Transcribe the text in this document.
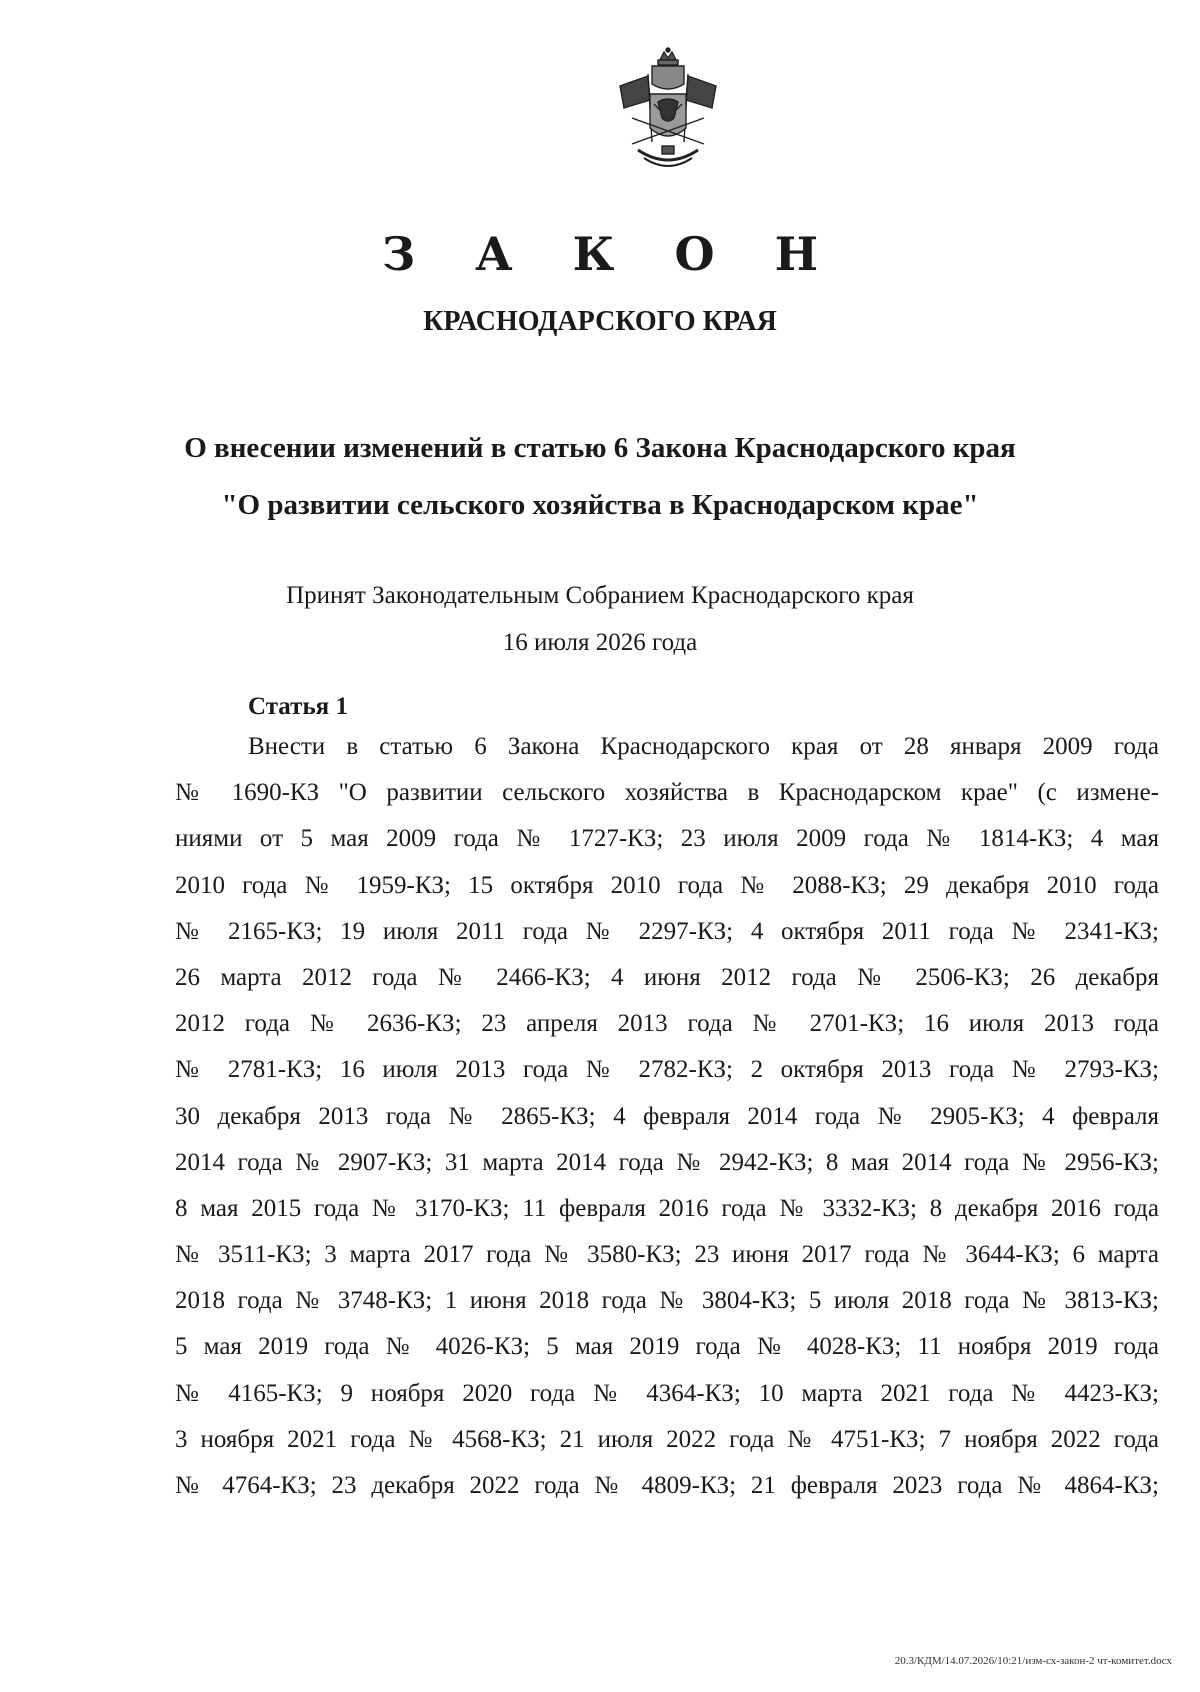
З А К О Н
КРАСНОДАРСКОГО КРАЯ
О внесении изменений в статью 6 Закона Краснодарского края
"О развитии сельского хозяйства в Краснодарском крае"
Принят Законодательным Собранием Краснодарского края
16 июля 2026 года
Статья 1
Внести в статью 6 Закона Краснодарского края от 28 января 2009 года
№ 1690-КЗ "О развитии сельского хозяйства в Краснодарском крае" (с измене-
ниями от 5 мая 2009 года № 1727-КЗ; 23 июля 2009 года № 1814-КЗ; 4 мая
2010 года № 1959-КЗ; 15 октября 2010 года № 2088-КЗ; 29 декабря 2010 года
№ 2165-КЗ; 19 июля 2011 года № 2297-КЗ; 4 октября 2011 года № 2341-КЗ;
26 марта 2012 года № 2466-КЗ; 4 июня 2012 года № 2506-КЗ; 26 декабря
2012 года № 2636-КЗ; 23 апреля 2013 года № 2701-КЗ; 16 июля 2013 года
№ 2781-КЗ; 16 июля 2013 года № 2782-КЗ; 2 октября 2013 года № 2793-КЗ;
30 декабря 2013 года № 2865-КЗ; 4 февраля 2014 года № 2905-КЗ; 4 февраля
2014 года № 2907-КЗ; 31 марта 2014 года № 2942-КЗ; 8 мая 2014 года № 2956-КЗ;
8 мая 2015 года № 3170-КЗ; 11 февраля 2016 года № 3332-КЗ; 8 декабря 2016 года
№ 3511-КЗ; 3 марта 2017 года № 3580-КЗ; 23 июня 2017 года № 3644-КЗ; 6 марта
2018 года № 3748-КЗ; 1 июня 2018 года № 3804-КЗ; 5 июля 2018 года № 3813-КЗ;
5 мая 2019 года № 4026-КЗ; 5 мая 2019 года № 4028-КЗ; 11 ноября 2019 года
№ 4165-КЗ; 9 ноября 2020 года № 4364-КЗ; 10 марта 2021 года № 4423-КЗ;
3 ноября 2021 года № 4568-КЗ; 21 июля 2022 года № 4751-КЗ; 7 ноября 2022 года
№ 4764-КЗ; 23 декабря 2022 года № 4809-КЗ; 21 февраля 2023 года № 4864-КЗ;
20.3/КДМ/14.07.2026/10:21/изм-сх-закон-2 чт-комитет.docx
